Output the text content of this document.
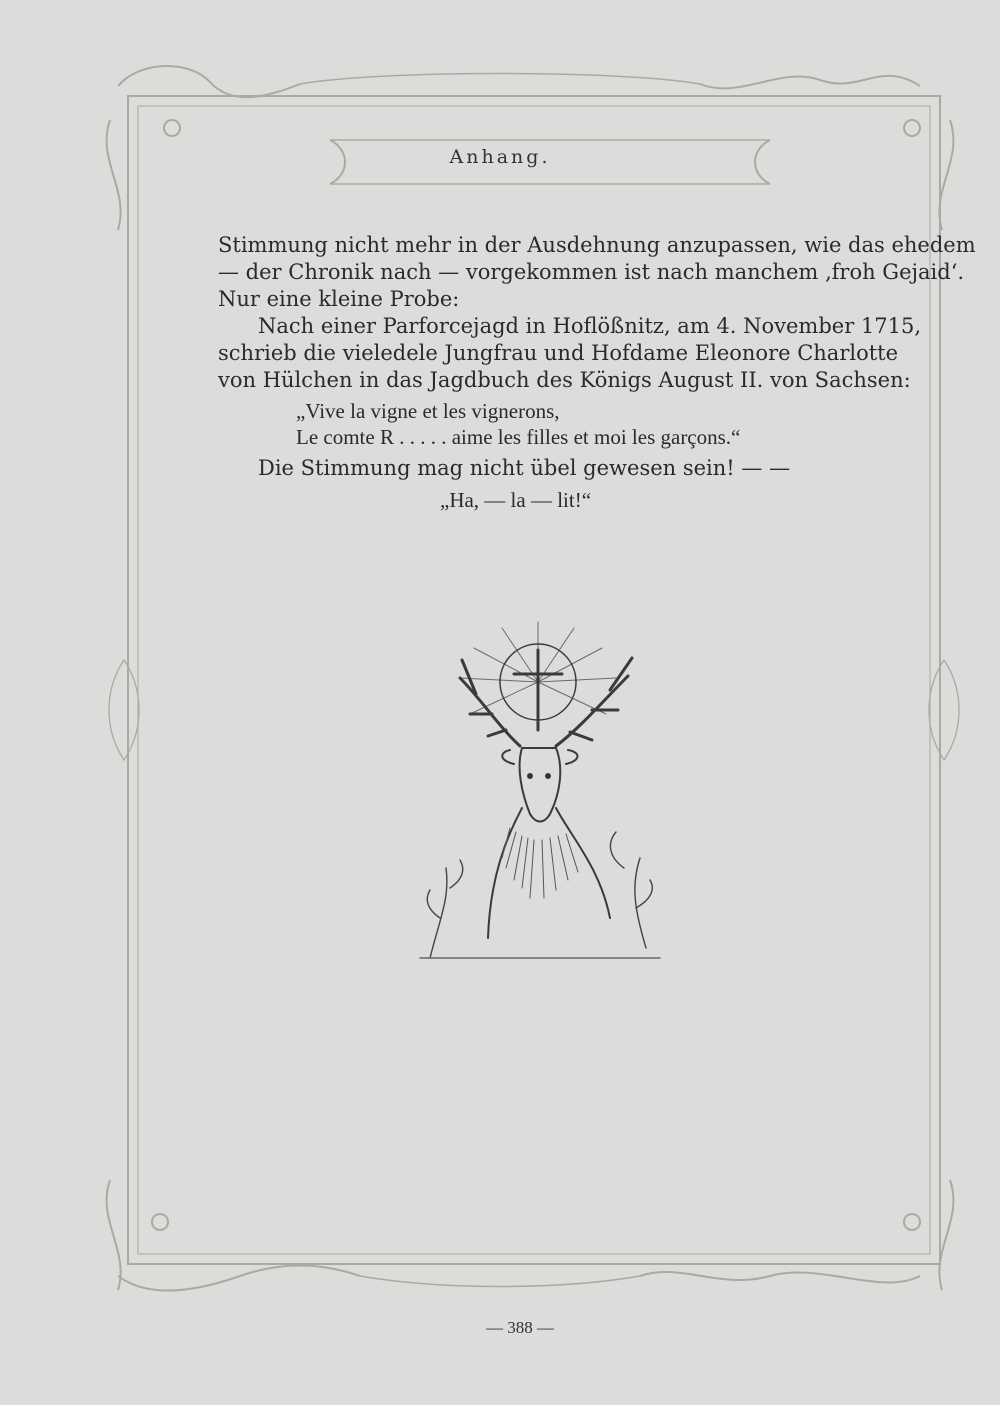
Anhang.
Stimmung nicht mehr in der Ausdehnung anzupassen, wie das ehedem
— der Chronik nach — vorgekommen ist nach manchem ‚froh Gejaid‘.
Nur eine kleine Probe:
Nach einer Parforcejagd in Hoflößnitz, am 4. November 1715,
schrieb die vieledele Jungfrau und Hofdame Eleonore Charlotte
von Hülchen in das Jagdbuch des Königs August II. von Sachsen:
„Vive la vigne et les vignerons,
Le comte R . . . . . aime les filles et moi les garçons.“
Die Stimmung mag nicht übel gewesen sein! — —
„Ha, — la — lit!“
— 388 —
